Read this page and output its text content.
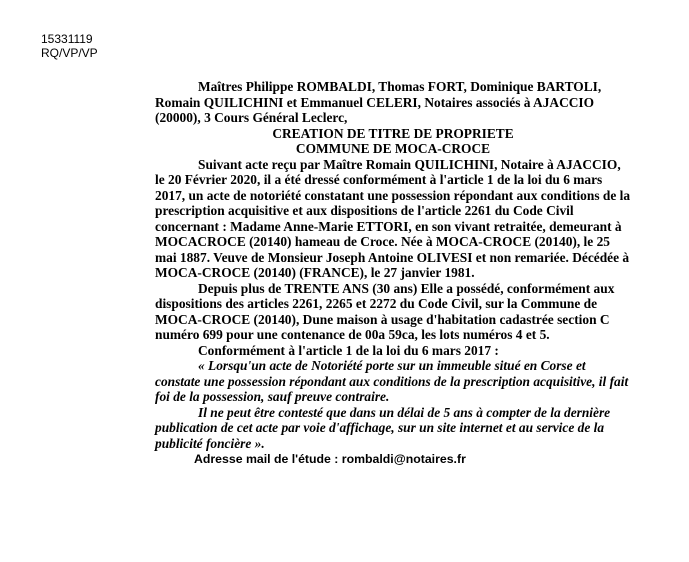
15331119
RQ/VP/VP

Maîtres Philippe ROMBALDI, Thomas FORT, Dominique BARTOLI, Romain QUILICHINI et Emmanuel CELERI, Notaires associés à AJACCIO (20000), 3 Cours Général Leclerc,

CREATION DE TITRE DE PROPRIETE

COMMUNE DE MOCA-CROCE

Suivant acte reçu par Maître Romain QUILICHINI, Notaire à AJACCIO, le 20 Février 2020, il a été dressé conformément à l'article 1 de la loi du 6 mars 2017, un acte de notoriété constatant une possession répondant aux conditions de la prescription acquisitive et aux dispositions de l'article 2261 du Code Civil concernant : Madame Anne-Marie ETTORI, en son vivant retraitée, demeurant à MOCACROCE (20140) hameau de Croce. Née à MOCA-CROCE (20140), le 25 mai 1887. Veuve de Monsieur Joseph Antoine OLIVESI et non remariée. Décédée à MOCA-CROCE (20140) (FRANCE), le 27 janvier 1981.

Depuis plus de TRENTE ANS (30 ans) Elle a possédé, conformément aux dispositions des articles 2261, 2265 et 2272 du Code Civil, sur la Commune de MOCA-CROCE (20140), Dune maison à usage d'habitation cadastrée section C numéro 699 pour une contenance de 00a 59ca, les lots numéros 4 et 5.

Conformément à l'article 1 de la loi du 6 mars 2017 :

« Lorsqu'un acte de Notoriété porte sur un immeuble situé en Corse et constate une possession répondant aux conditions de la prescription acquisitive, il fait foi de la possession, sauf preuve contraire.

Il ne peut être contesté que dans un délai de 5 ans à compter de la dernière publication de cet acte par voie d'affichage, sur un site internet et au service de la publicité foncière ».

Adresse mail de l'étude : rombaldi@notaires.fr
